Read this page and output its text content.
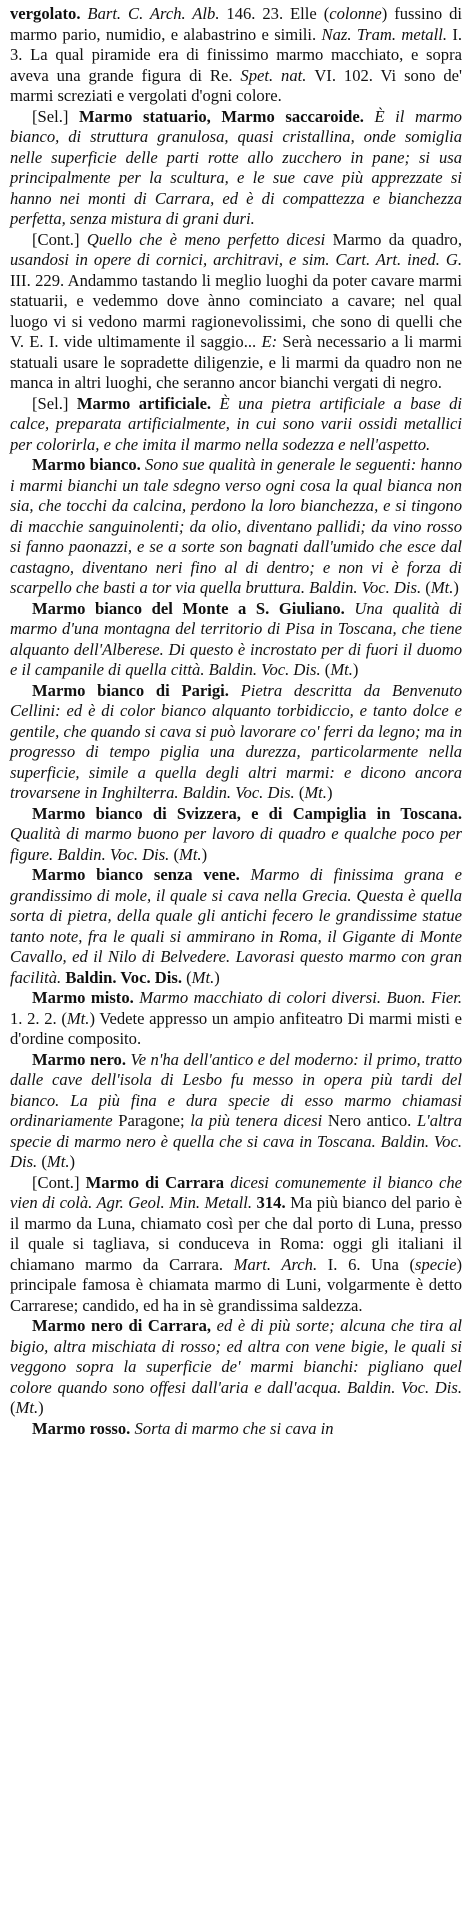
vergolato. Bart. C. Arch. Alb. 146. 23. Elle (colonne) fussino di marmo pario, numidio, e alabastrino e simili. Naz. Tram. metall. I. 3. La qual piramide era di finissimo marmo macchiato, e sopra aveva una grande figura di Re. Spet. nat. VI. 102. Vi sono de' marmi screziati e vergolati d'ogni colore.

[Sel.] Marmo statuario, Marmo saccaroide. È il marmo bianco, di struttura granulosa, quasi cristallina, onde somiglia nelle superficie delle parti rotte allo zucchero in pane; si usa principalmente per la scultura, e le sue cave più apprezzate si hanno nei monti di Carrara, ed è di compattezza e bianchezza perfetta, senza mistura di grani duri.

[Cont.] Quello che è meno perfetto dicesi Marmo da quadro, usandosi in opere di cornici, architravi, e sim. Cart. Art. ined. G. III. 229. Andammo tastando li meglio luoghi da poter cavare marmi statuarii, e vedemmo dove ànno cominciato a cavare; nel qual luogo vi si vedono marmi ragionevolissimi, che sono di quelli che V. E. I. vide ultimamente il saggio... E: Serà necessario a li marmi statuali usare le sopradette diligenzie, e li marmi da quadro non ne manca in altri luoghi, che seranno ancor bianchi vergati di negro.

[Sel.] Marmo artificiale. È una pietra artificiale a base di calce, preparata artificialmente, in cui sono varii ossidi metallici per colorirla, e che imita il marmo nella sodezza e nell'aspetto.

Marmo bianco. Sono sue qualità in generale le seguenti: hanno i marmi bianchi un tale sdegno verso ogni cosa la qual bianca non sia, che tocchi da calcina, perdono la loro bianchezza, e si tingono di macchie sanguinolenti; da olio, diventano pallidi; da vino rosso si fanno paonazzi, e se a sorte son bagnati dall'umido che esce dal castagno, diventano neri fino al di dentro; e non vi è forza di scarpello che basti a tor via quella bruttura. Baldin. Voc. Dis. (Mt.)

Marmo bianco del Monte a S. Giuliano. Una qualità di marmo d'una montagna del territorio di Pisa in Toscana, che tiene alquanto dell'Alberese. Di questo è incrostato per di fuori il duomo e il campanile di quella città. Baldin. Voc. Dis. (Mt.)

Marmo bianco di Parigi. Pietra descritta da Benvenuto Cellini: ed è di color bianco alquanto torbidiccio, e tanto dolce e gentile, che quando si cava si può lavorare co' ferri da legno; ma in progresso di tempo piglia una durezza, particolarmente nella superficie, simile a quella degli altri marmi: e dicono ancora trovarsene in Inghilterra. Baldin. Voc. Dis. (Mt.)

Marmo bianco di Svizzera, e di Campiglia in Toscana. Qualità di marmo buono per lavoro di quadro e qualche poco per figure. Baldin. Voc. Dis. (Mt.)

Marmo bianco senza vene. Marmo di finissima grana e grandissimo di mole, il quale si cava nella Grecia. Questa è quella sorta di pietra, della quale gli antichi fecero le grandissime statue tanto note, fra le quali si ammirano in Roma, il Gigante di Monte Cavallo, ed il Nilo di Belvedere. Lavorasi questo marmo con gran facilità. Baldin. Voc. Dis. (Mt.)

Marmo misto. Marmo macchiato di colori diversi. Buon. Fier. 1. 2. 2. (Mt.) Vedete appresso un ampio anfiteatro Di marmi misti e d'ordine composito.

Marmo nero. Ve n'ha dell'antico e del moderno: il primo, tratto dalle cave dell'isola di Lesbo fu messo in opera più tardi del bianco. La più fina e dura specie di esso marmo chiamasi ordinariamente Paragone; la più tenera dicesi Nero antico. L'altra specie di marmo nero è quella che si cava in Toscana. Baldin. Voc. Dis. (Mt.)

[Cont.] Marmo di Carrara dicesi comunemente il bianco che vien di colà. Agr. Geol. Min. Metall. 314. Ma più bianco del pario è il marmo da Luna, chiamato così per che dal porto di Luna, presso il quale si tagliava, si conduceva in Roma: oggi gli italiani il chiamano marmo da Carrara. Mart. Arch. I. 6. Una (specie) principale famosa è chiamata marmo di Luni, volgarmente è detto Carrarese; candido, ed ha in sè grandissima saldezza.

Marmo nero di Carrara, ed è di più sorte; alcuna che tira al bigio, altra mischiata di rosso; ed altra con vene bigie, le quali si veggono sopra la superficie de' marmi bianchi: pigliano quel colore quando sono offesi dall'aria e dall'acqua. Baldin. Voc. Dis. (Mt.)

Marmo rosso. Sorta di marmo che si cava in
